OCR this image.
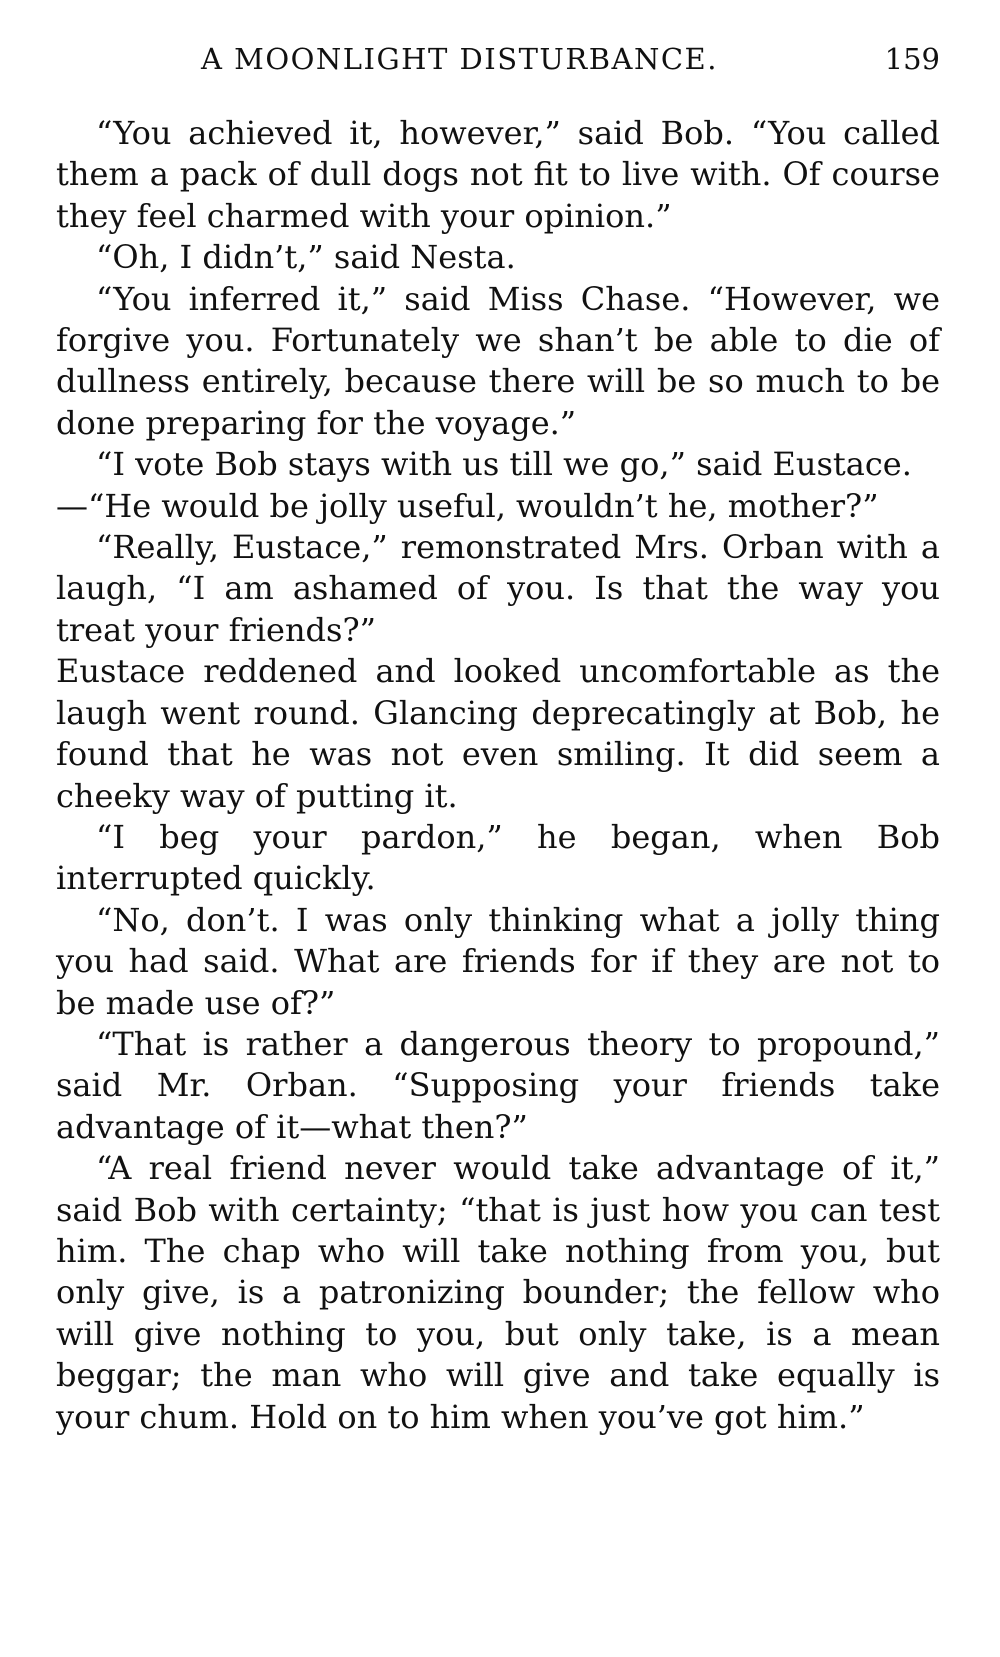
A MOONLIGHT DISTURBANCE.	159

“You achieved it, however,” said Bob. “You called them a pack of dull dogs not fit to live with. Of course they feel charmed with your opinion.”

“Oh, I didn’t,” said Nesta.

“You inferred it,” said Miss Chase. “However, we forgive you. Fortunately we shan’t be able to die of dullness entirely, because there will be so much to be done preparing for the voyage.”

“I vote Bob stays with us till we go,” said Eustace.

—“He would be jolly useful, wouldn’t he, mother?”

“Really, Eustace,” remonstrated Mrs. Orban with a laugh, “I am ashamed of you. Is that the way you treat your friends?”

Eustace reddened and looked uncomfortable as the laugh went round. Glancing deprecatingly at Bob, he found that he was not even smiling. It did seem a cheeky way of putting it.

“I beg your pardon,” he began, when Bob interrupted quickly.

“No, don’t. I was only thinking what a jolly thing you had said. What are friends for if they are not to be made use of?”

“That is rather a dangerous theory to propound,” said Mr. Orban. “Supposing your friends take advantage of it—what then?”

“A real friend never would take advantage of it,” said Bob with certainty; “that is just how you can test him. The chap who will take nothing from you, but only give, is a patronizing bounder; the fellow who will give nothing to you, but only take, is a mean beggar; the man who will give and take equally is your chum. Hold on to him when you’ve got him.”
